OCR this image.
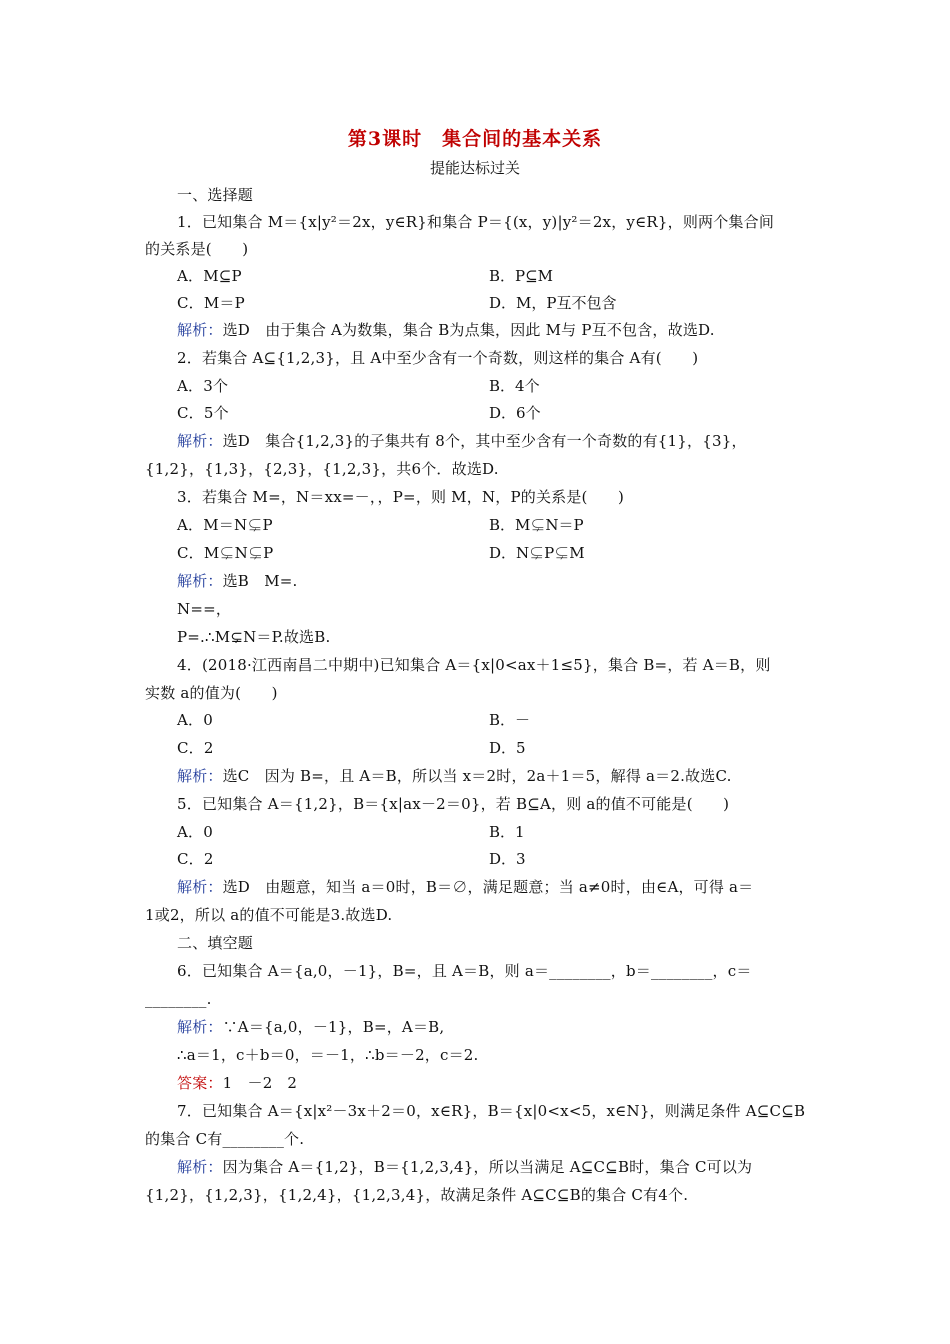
第3课时　集合间的基本关系
提能达标过关
一、选择题
1．已知集合 M＝{x|y²＝2x，y∈R}和集合 P＝{(x，y)|y²＝2x，y∈R}，则两个集合间
的关系是(　　)
A．M⊆P	B．P⊆M
C．M＝P	D．M，P互不包含
解析：选D　由于集合 A为数集，集合 B为点集，因此 M与 P互不包含，故选D.
2．若集合 A⊆{1,2,3}，且 A中至少含有一个奇数，则这样的集合 A有(　　)
A．3个	B．4个
C．5个	D．6个
解析：选D　集合{1,2,3}的子集共有 8个，其中至少含有一个奇数的有{1}，{3}，
{1,2}，{1,3}，{2,3}，{1,2,3}，共6个．故选D.
3．若集合 M=，N＝xx=－，，P=，则 M，N，P的关系是(　　)
A．M＝N⊊P	B．M⊊N＝P
C．M⊊N⊊P	D．N⊊P⊊M
解析：选B　M=.
N==，
P=.∴M⊊N＝P.故选B.
4．(2018·江西南昌二中期中)已知集合 A＝{x|0<ax＋1≤5}，集合 B=，若 A＝B，则
实数 a的值为(　　)
A．0	B．－
C．2	D．5
解析：选C　因为 B=，且 A＝B，所以当 x＝2时，2a＋1＝5，解得 a＝2.故选C.
5．已知集合 A＝{1,2}，B＝{x|ax－2＝0}，若 B⊆A，则 a的值不可能是(　　)
A．0	B．1
C．2	D．3
解析：选D　由题意，知当 a＝0时，B＝∅，满足题意；当 a≠0时，由∈A，可得 a＝
1或2，所以 a的值不可能是3.故选D.
二、填空题
6．已知集合 A＝{a,0，－1}，B=，且 A＝B，则 a＝________，b＝________，c＝
________.
解析：∵A＝{a,0，－1}，B=，A＝B,
∴a＝1，c＋b＝0，＝－1，∴b＝－2，c＝2.
答案：1　－2   2
7．已知集合 A＝{x|x²－3x＋2＝0，x∈R}，B＝{x|0<x<5，x∈N}，则满足条件 A⊆C⊆B
的集合 C有________个.
解析：因为集合 A＝{1,2}，B＝{1,2,3,4}，所以当满足 A⊆C⊆B时，集合 C可以为
{1,2}，{1,2,3}，{1,2,4}，{1,2,3,4}，故满足条件 A⊆C⊆B的集合 C有4个.
